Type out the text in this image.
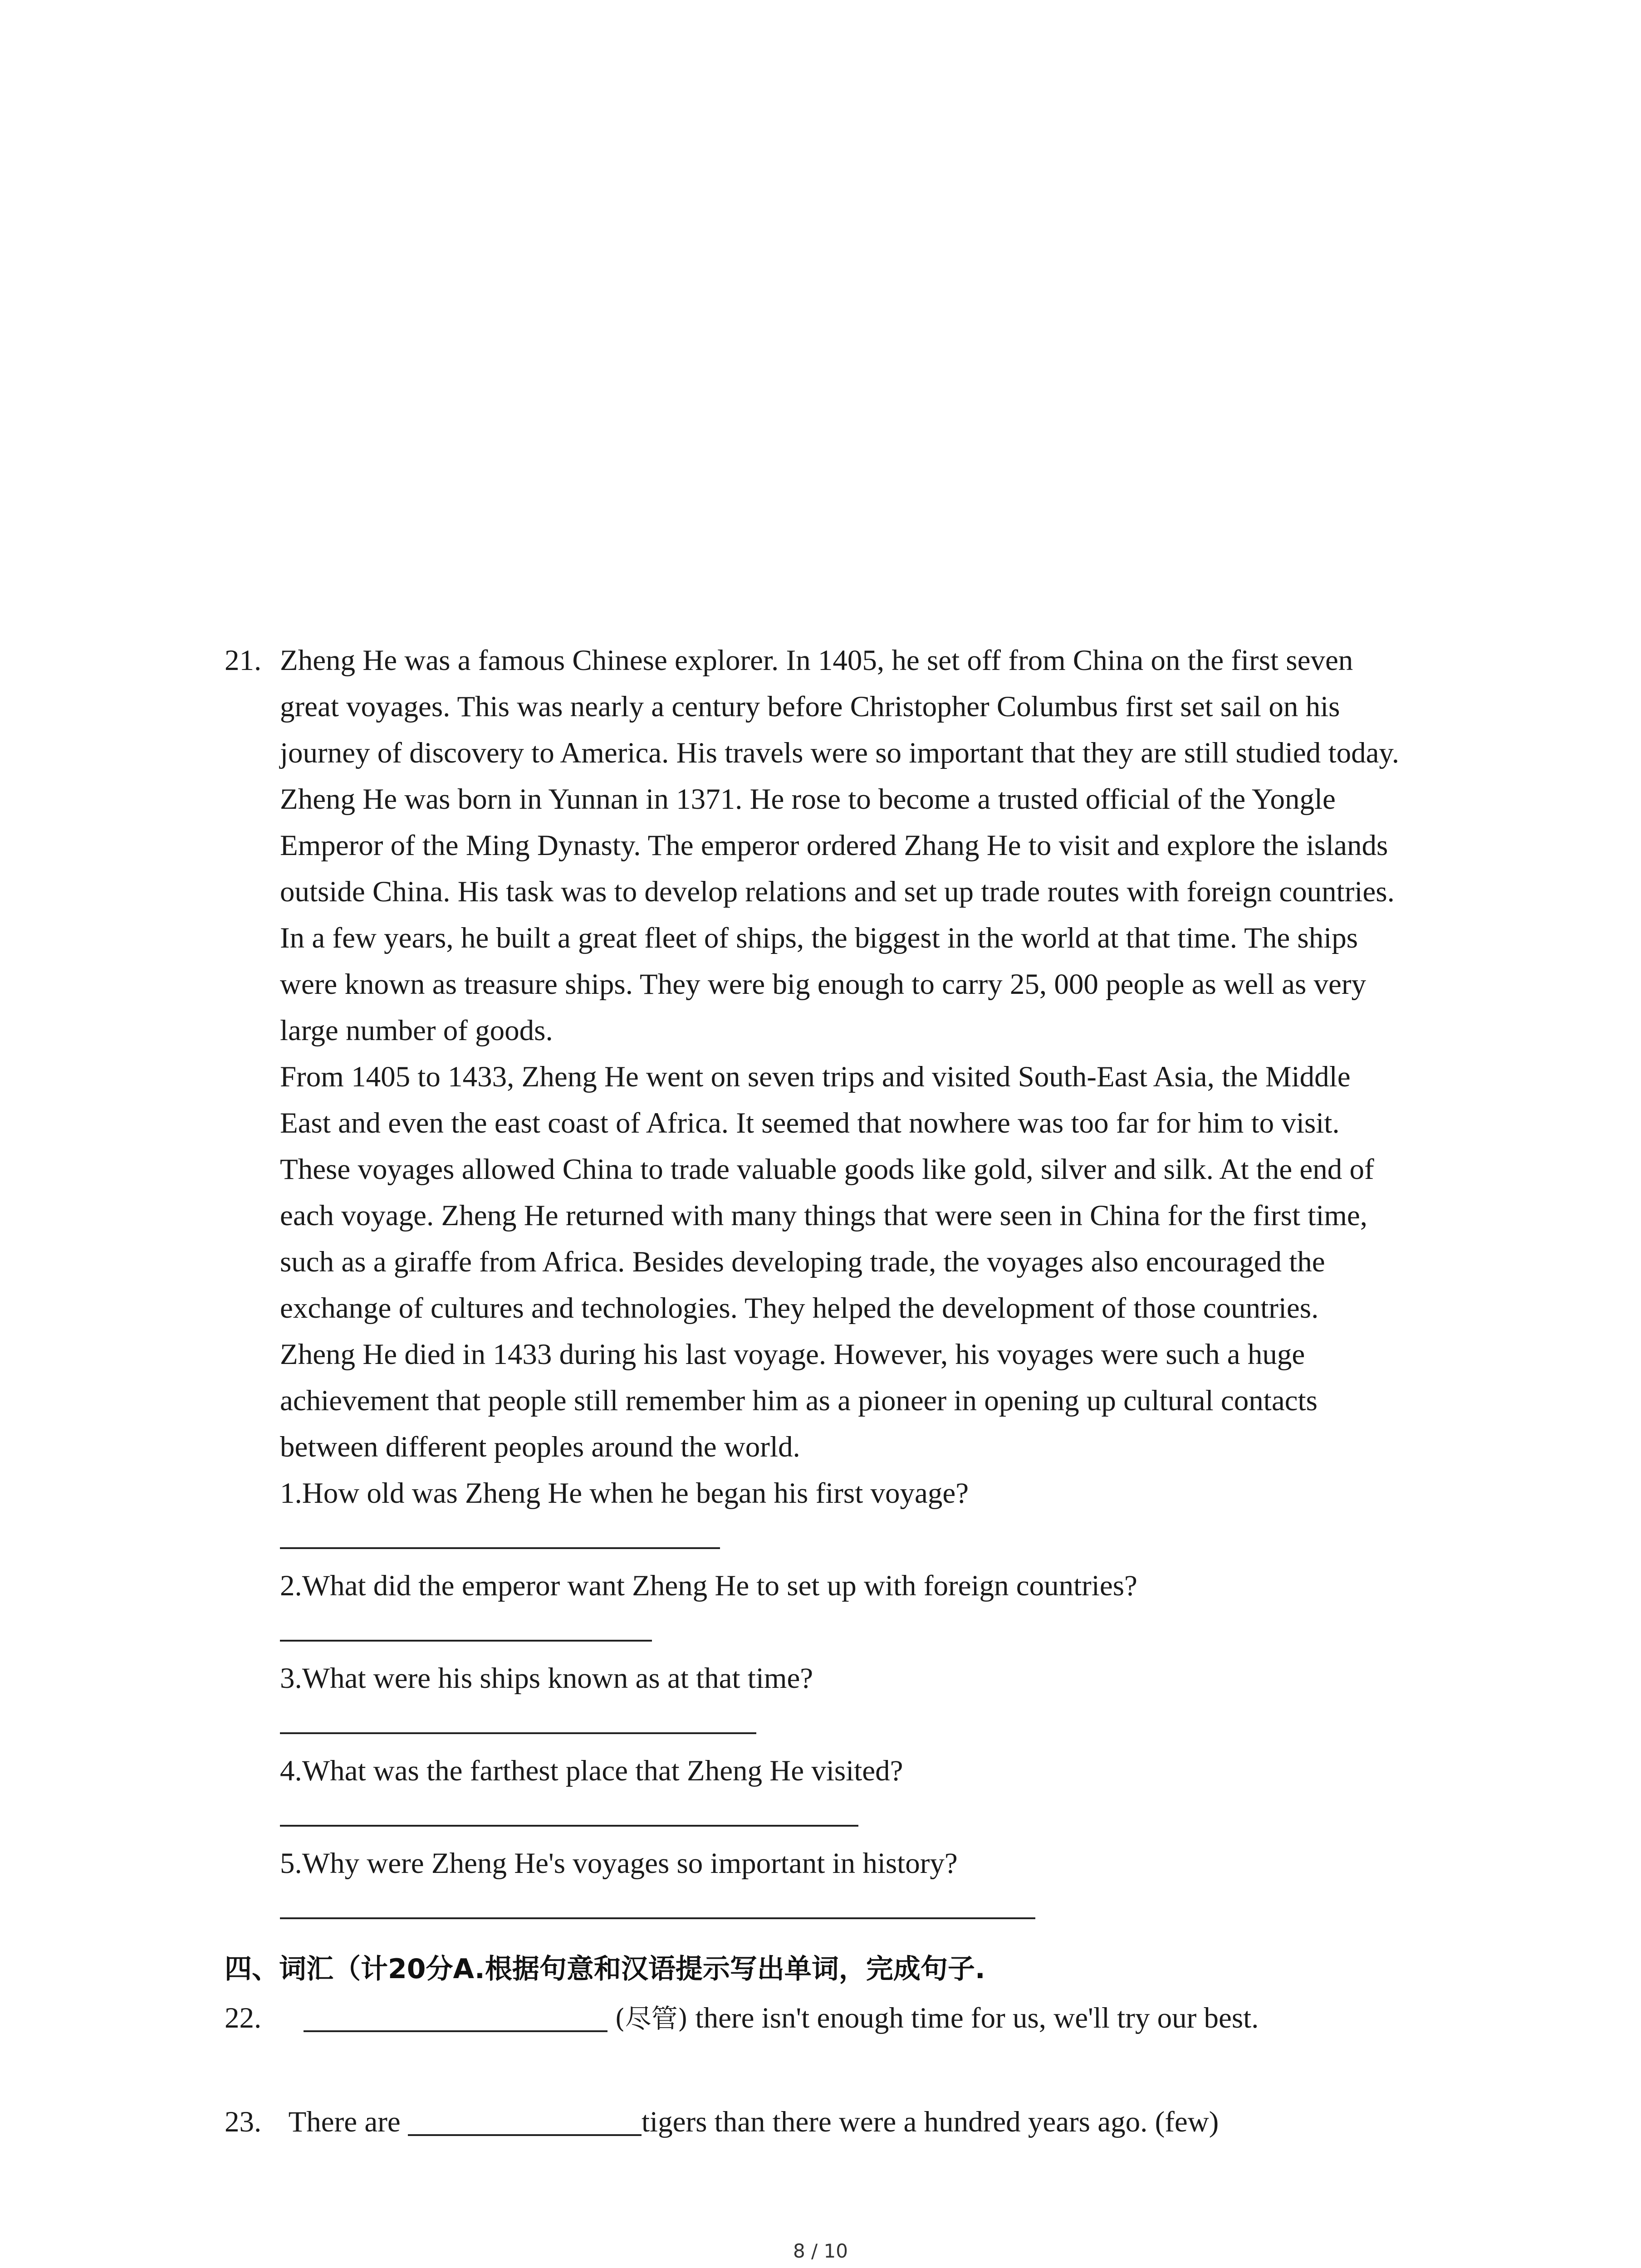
21. Zheng He was a famous Chinese explorer. In 1405, he set off from China on the first seven
great voyages. This was nearly a century before Christopher Columbus first set sail on his
journey of discovery to America. His travels were so important that they are still studied today.
Zheng He was born in Yunnan in 1371. He rose to become a trusted official of the Yongle
Emperor of the Ming Dynasty. The emperor ordered Zhang He to visit and explore the islands
outside China. His task was to develop relations and set up trade routes with foreign countries.
In a few years, he built a great fleet of ships, the biggest in the world at that time. The ships
were known as treasure ships. They were big enough to carry 25, 000 people as well as very
large number of goods.
From 1405 to 1433, Zheng He went on seven trips and visited South-East Asia, the Middle
East and even the east coast of Africa. It seemed that nowhere was too far for him to visit.
These voyages allowed China to trade valuable goods like gold, silver and silk. At the end of
each voyage. Zheng He returned with many things that were seen in China for the first time,
such as a giraffe from Africa. Besides developing trade, the voyages also encouraged the
exchange of cultures and technologies. They helped the development of those countries.
Zheng He died in 1433 during his last voyage. However, his voyages were such a huge
achievement that people still remember him as a pioneer in opening up cultural contacts
between different peoples around the world.
1.How old was Zheng He when he began his first voyage?
2.What did the emperor want Zheng He to set up with foreign countries?
3.What were his ships known as at that time?
4.What was the farthest place that Zheng He visited?
5.Why were Zheng He's voyages so important in history?
四、词汇（计20分A.根据句意和汉语提示写出单词，完成句子.
22.	(尽管) there isn't enough time for us, we'll try our best.
23. There are	tigers than there were a hundred years ago. (few)
8 / 10
